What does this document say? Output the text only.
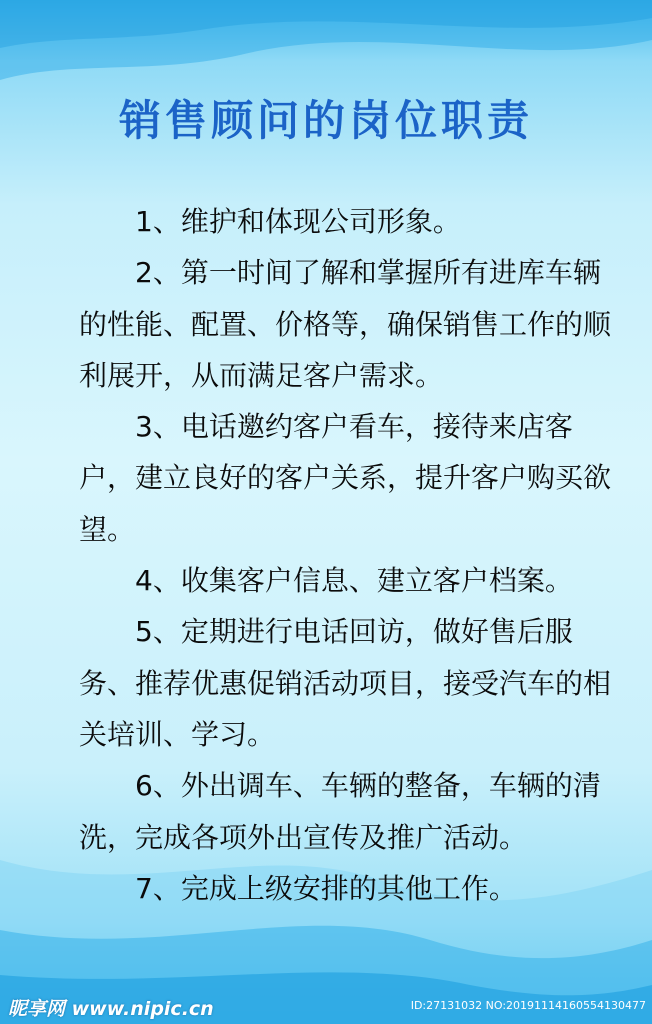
销售顾问的岗位职责

1、维护和体现公司形象。

2、第一时间了解和掌握所有进库车辆的性能、配置、价格等，确保销售工作的顺利展开，从而满足客户需求。

3、电话邀约客户看车，接待来店客户，建立良好的客户关系，提升客户购买欲望。

4、收集客户信息、建立客户档案。

5、定期进行电话回访，做好售后服务、推荐优惠促销活动项目，接受汽车的相关培训、学习。

6、外出调车、车辆的整备，车辆的清洗，完成各项外出宣传及推广活动。

7、完成上级安排的其他工作。

昵享网 www.nipic.cn	ID:27131032 NO:20191114160554130477
